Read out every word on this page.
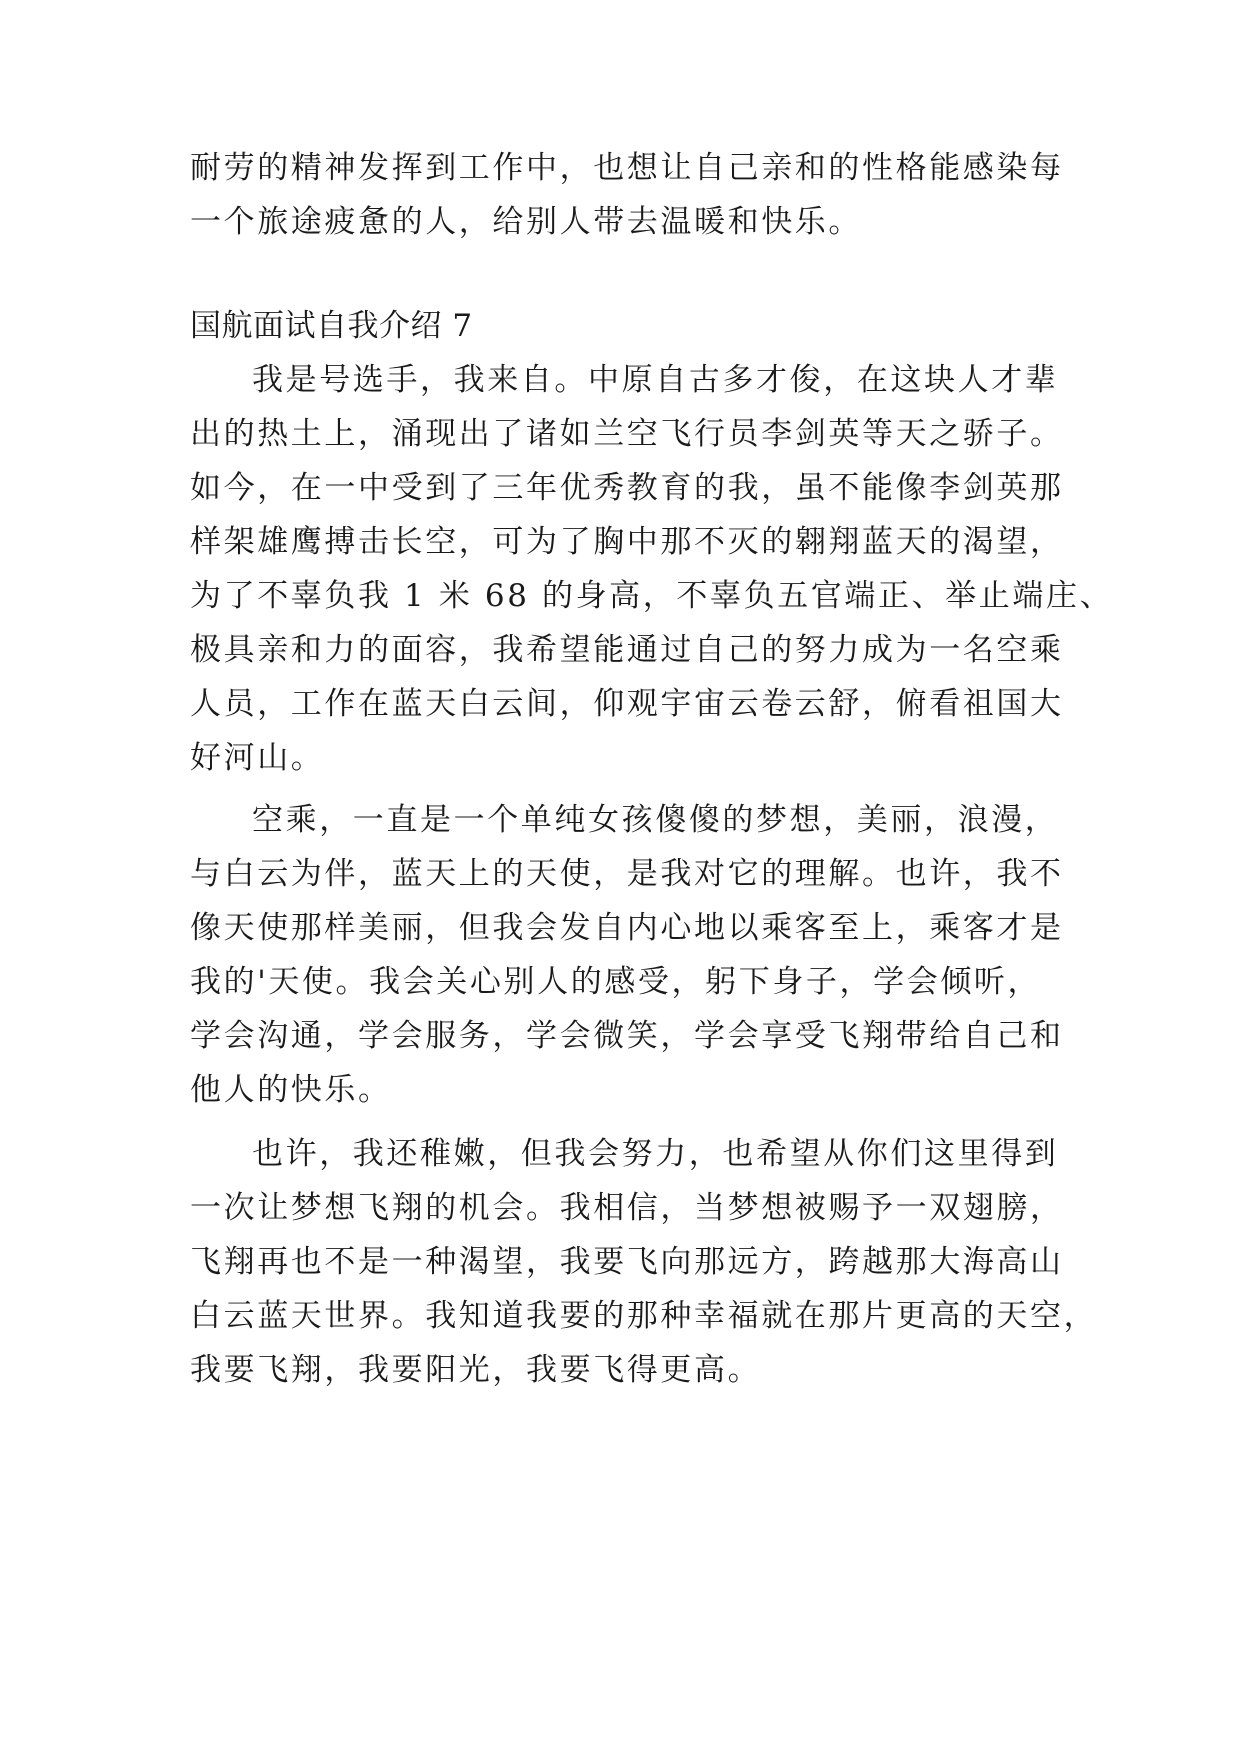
耐劳的精神发挥到工作中，也想让自己亲和的性格能感染每
一个旅途疲惫的人，给别人带去温暖和快乐。
国航面试自我介绍 7
我是号选手，我来自。中原自古多才俊，在这块人才辈
出的热土上，涌现出了诸如兰空飞行员李剑英等天之骄子。
如今，在一中受到了三年优秀教育的我，虽不能像李剑英那
样架雄鹰搏击长空，可为了胸中那不灭的翱翔蓝天的渴望，
为了不辜负我 1 米 68 的身高，不辜负五官端正、举止端庄、
极具亲和力的面容，我希望能通过自己的努力成为一名空乘
人员，工作在蓝天白云间，仰观宇宙云卷云舒，俯看祖国大
好河山。
空乘，一直是一个单纯女孩傻傻的梦想，美丽，浪漫，
与白云为伴，蓝天上的天使，是我对它的理解。也许，我不
像天使那样美丽，但我会发自内心地以乘客至上，乘客才是
我的'天使。我会关心别人的感受，躬下身子，学会倾听，
学会沟通，学会服务，学会微笑，学会享受飞翔带给自己和
他人的快乐。
也许，我还稚嫩，但我会努力，也希望从你们这里得到
一次让梦想飞翔的机会。我相信，当梦想被赐予一双翅膀，
飞翔再也不是一种渴望，我要飞向那远方，跨越那大海高山
白云蓝天世界。我知道我要的那种幸福就在那片更高的天空，
我要飞翔，我要阳光，我要飞得更高。
